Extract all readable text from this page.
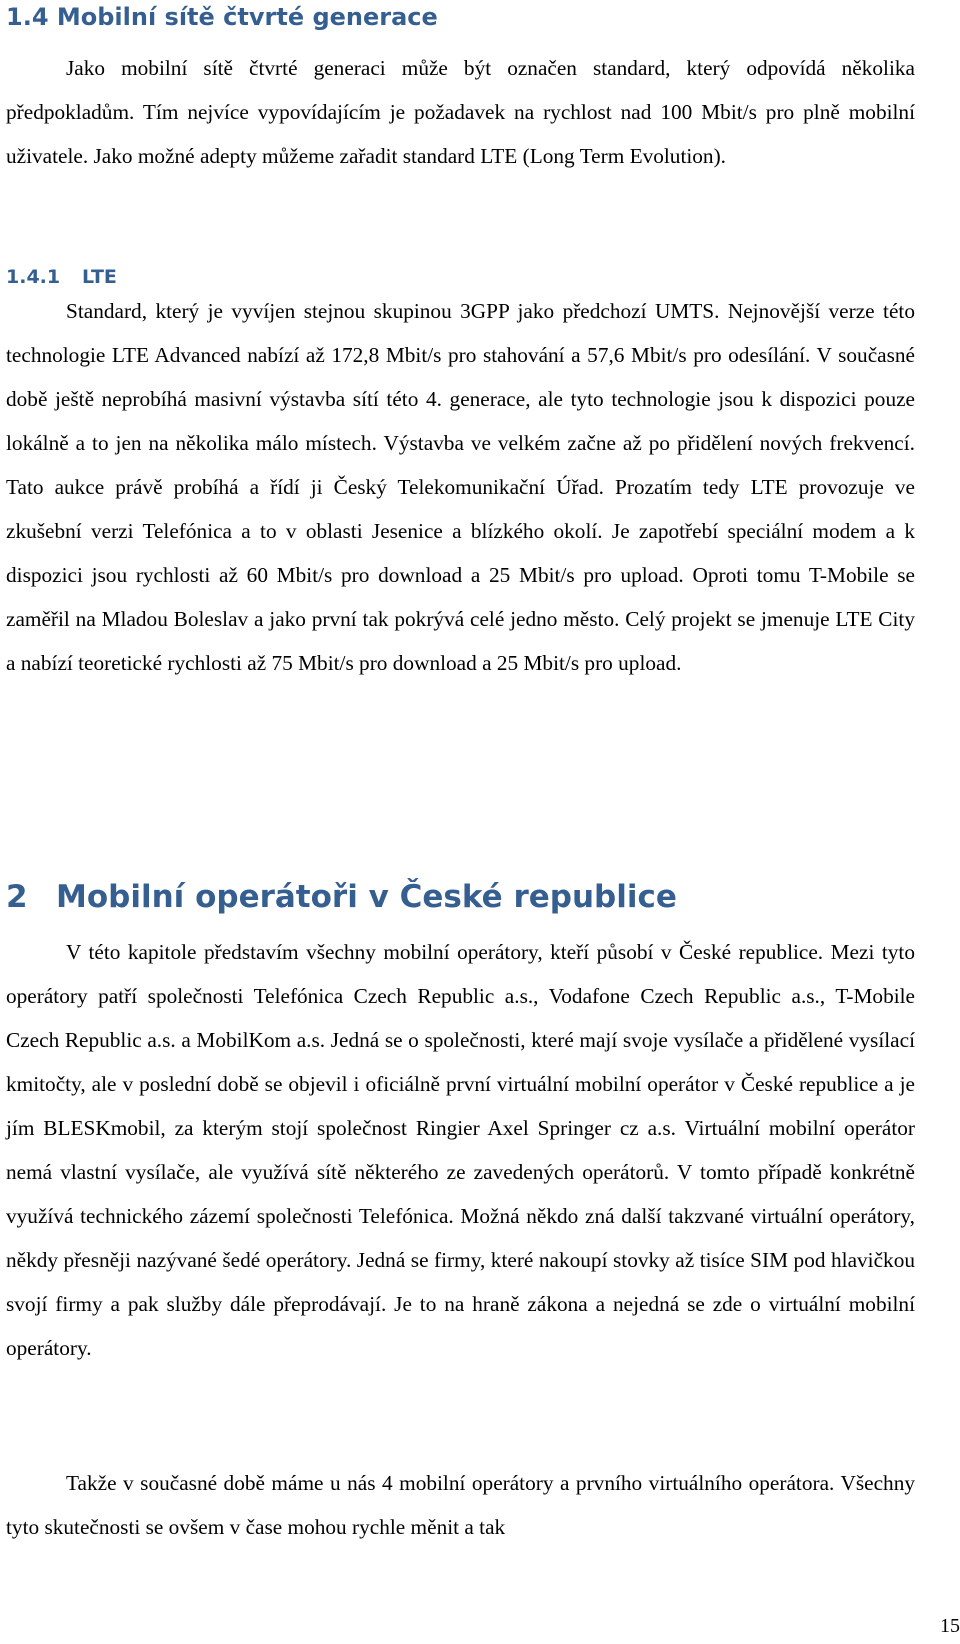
1.4 Mobilní sítě čtvrté generace

Jako mobilní sítě čtvrté generaci může být označen standard, který odpovídá několika předpokladům. Tím nejvíce vypovídajícím je požadavek na rychlost nad 100 Mbit/s pro plně mobilní uživatele. Jako možné adepty můžeme zařadit standard LTE (Long Term Evolution).

1.4.1 LTE

Standard, který je vyvíjen stejnou skupinou 3GPP jako předchozí UMTS. Nejnovější verze této technologie LTE Advanced nabízí až 172,8 Mbit/s pro stahování a 57,6 Mbit/s pro odesílání. V současné době ještě neprobíhá masivní výstavba sítí této 4. generace, ale tyto technologie jsou k dispozici pouze lokálně a to jen na několika málo místech. Výstavba ve velkém začne až po přidělení nových frekvencí. Tato aukce právě probíhá a řídí ji Český Telekomunikační Úřad. Prozatím tedy LTE provozuje ve zkušební verzi Telefónica a to v oblasti Jesenice a blízkého okolí. Je zapotřebí speciální modem a k dispozici jsou rychlosti až 60 Mbit/s pro download a 25 Mbit/s pro upload. Oproti tomu T-Mobile se zaměřil na Mladou Boleslav a jako první tak pokrývá celé jedno město. Celý projekt se jmenuje LTE City a nabízí teoretické rychlosti až 75 Mbit/s pro download a 25 Mbit/s pro upload.

2 Mobilní operátoři v České republice

V této kapitole představím všechny mobilní operátory, kteří působí v České republice. Mezi tyto operátory patří společnosti Telefónica Czech Republic a.s., Vodafone Czech Republic a.s., T-Mobile Czech Republic a.s. a MobilKom a.s. Jedná se o společnosti, které mají svoje vysílače a přidělené vysílací kmitočty, ale v poslední době se objevil i oficiálně první virtuální mobilní operátor v České republice a je jím BLESKmobil, za kterým stojí společnost Ringier Axel Springer cz a.s. Virtuální mobilní operátor nemá vlastní vysílače, ale využívá sítě některého ze zavedených operátorů. V tomto případě konkrétně využívá technického zázemí společnosti Telefónica. Možná někdo zná další takzvané virtuální operátory, někdy přesněji nazývané šedé operátory. Jedná se firmy, které nakoupí stovky až tisíce SIM pod hlavičkou svojí firmy a pak služby dále přeprodávají. Je to na hraně zákona a nejedná se zde o virtuální mobilní operátory.

Takže v současné době máme u nás 4 mobilní operátory a prvního virtuálního operátora. Všechny tyto skutečnosti se ovšem v čase mohou rychle měnit a tak

15
